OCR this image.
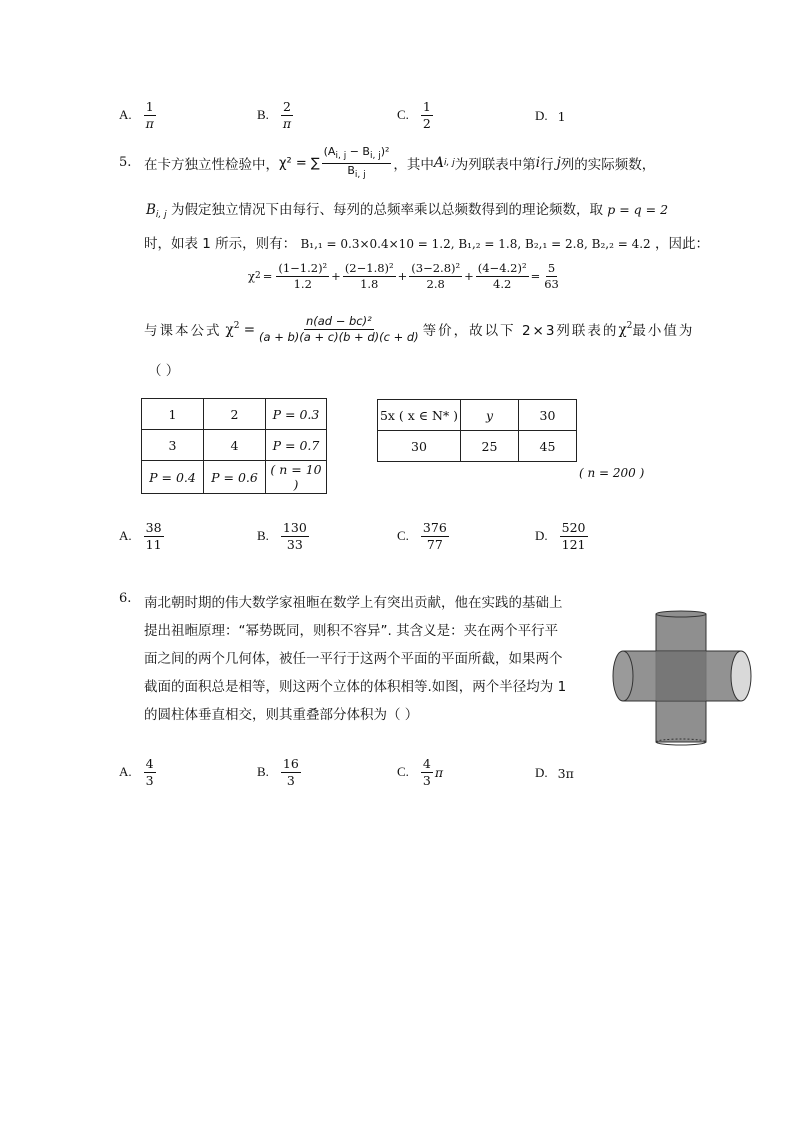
A. $\frac{1}{\pi}$	B. $\frac{2}{\pi}$	C. $\frac{1}{2}$	D. 1
5. 在卡方独立性检验中， χ² = ∑ $\frac{(A_{i, j} - B_{i, j})^2}{B_{i, j}}$ ，其中 A i, j 为列联表中第 i 行 j 列的实际频数，
$B_{i, j}$ 为假定独立情况下由每行、每列的总频率乘以总频数得到的理论频数，取 p = q = 2
时，如表 1 所示，则有： B₁,₁ = 0.3×0.4×10 = 1.2, B₁,₂ = 1.8, B₂,₁ = 2.8, B₂,₂ = 4.2 ，因此：
χ $2 = \frac{\text{(1−1.2)²}}{1.2} + \frac{\text{(2−1.8)²}}{1.8} + \frac{\text{(3−2.8)²}}{2.8} + \frac{\text{(4−4.2)²}}{4.2} = \frac{5}{63}$
与课本公式 $\chi^2 = \frac{\text{n(ad − bc)²}}{(a + b)(a + c)(b + d)(c + d)}$ 等价，故以下 2×3列联表的 $\chi^2$ 最小值为
（ ）
1	2	P = 0.3
3	4	P = 0.7
P = 0.4	P = 0.6	( n = 10 )
5x ( x ∈ N* )	y	30
30	25	45
( n = 200 )
A. $\frac{38}{11}$	B. $\frac{130}{33}$	C. $\frac{376}{77}$	D. $\frac{520}{121}$
6. 南北朝时期的伟大数学家祖暅在数学上有突出贡献，他在实践的基础上
提出祖暅原理：“幂势既同，则积不容异”. 其含义是：夹在两个平行平
面之间的两个几何体，被任一平行于这两个平面的平面所截，如果两个
截面的面积总是相等，则这两个立体的体积相等.如图，两个半径均为 1
的圆柱体垂直相交，则其重叠部分体积为（ ）
A. $\frac{4}{3}$	B. $\frac{16}{3}$	C. $\frac{4}{3}$ π	D. 3π
